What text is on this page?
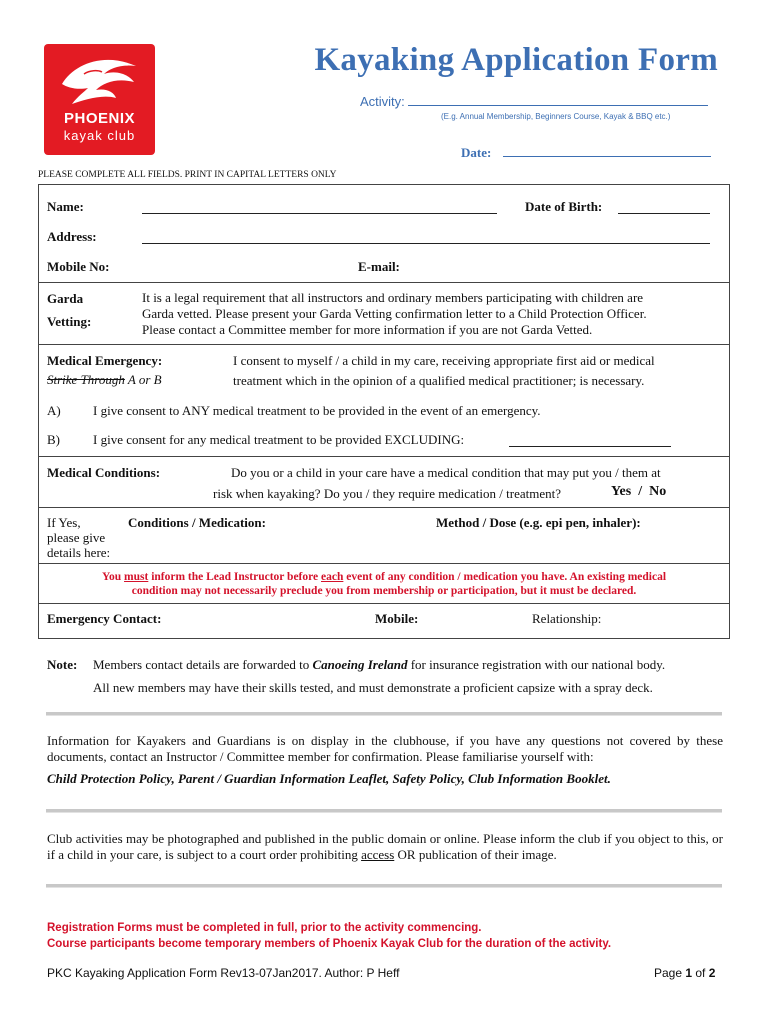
PHOENIX
kayak club
Kayaking Application Form
Activity:
(E.g. Annual Membership, Beginners Course, Kayak & BBQ etc.)
Date:
PLEASE COMPLETE ALL FIELDS. PRINT IN CAPITAL LETTERS ONLY
Name:	Date of Birth:
Address:
Mobile No:	E-mail:
Garda
Vetting:
It is a legal requirement that all instructors and ordinary members participating with children are
Garda vetted. Please present your Garda Vetting confirmation letter to a Child Protection Officer.
Please contact a Committee member for more information if you are not Garda Vetted.
Medical Emergency:
Strike Through A or B
I consent to myself / a child in my care, receiving appropriate first aid or medical
treatment which in the opinion of a qualified medical practitioner; is necessary.
A) I give consent to ANY medical treatment to be provided in the event of an emergency.
B)	I give consent for any medical treatment to be provided EXCLUDING:
Medical Conditions:	Do you or a child in your care have a medical condition that may put you / them at
risk when kayaking? Do you / they require medication / treatment?	Yes  /  No
If Yes,
please give
details here:
Conditions / Medication:	Method / Dose (e.g. epi pen, inhaler):
You must inform the Lead Instructor before each event of any condition / medication you have. An existing medical
condition may not necessarily preclude you from membership or participation, but it must be declared.
Emergency Contact:	Mobile:	Relationship:
Note: Members contact details are forwarded to Canoeing Ireland for insurance registration with our national body.
All new members may have their skills tested, and must demonstrate a proficient capsize with a spray deck.
Information for Kayakers and Guardians is on display in the clubhouse, if you have any questions not covered by these documents, contact an Instructor / Committee member for confirmation. Please familiarise yourself with:
Child Protection Policy, Parent / Guardian Information Leaflet, Safety Policy, Club Information Booklet.
Club activities may be photographed and published in the public domain or online. Please inform the club if you object to this, or if a child in your care, is subject to a court order prohibiting access OR publication of their image.
Registration Forms must be completed in full, prior to the activity commencing.
Course participants become temporary members of Phoenix Kayak Club for the duration of the activity.
PKC Kayaking Application Form Rev13-07Jan2017. Author: P Heff	Page 1 of 2
